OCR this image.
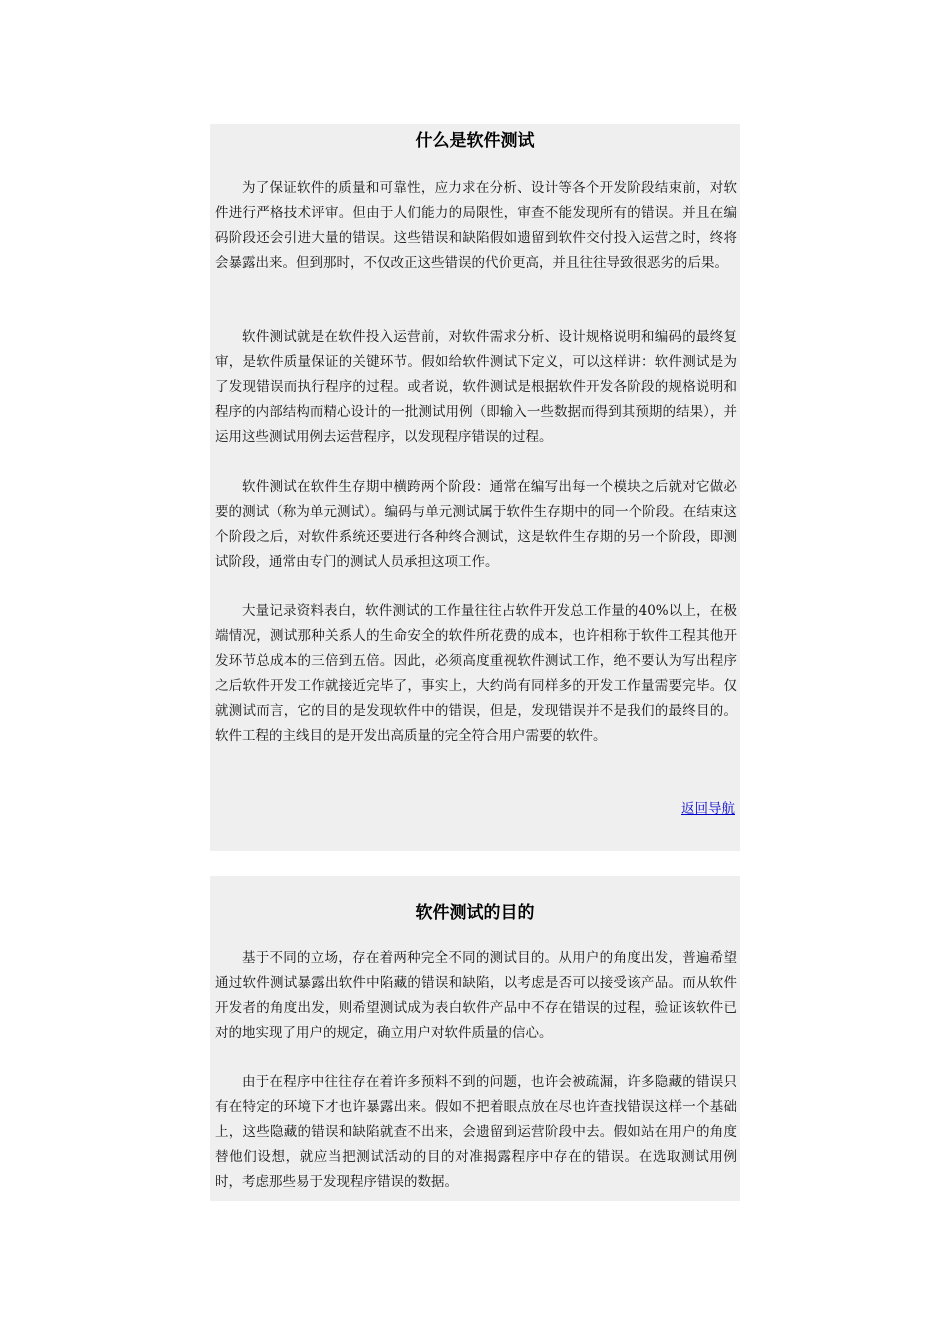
什么是软件测试

为了保证软件的质量和可靠性，应力求在分析、设计等各个开发阶段结束前，对软件进行严格技术评审。但由于人们能力的局限性，审查不能发现所有的错误。并且在编码阶段还会引进大量的错误。这些错误和缺陷假如遗留到软件交付投入运营之时，终将会暴露出来。但到那时，不仅改正这些错误的代价更高，并且往往导致很恶劣的后果。

软件测试就是在软件投入运营前，对软件需求分析、设计规格说明和编码的最终复审，是软件质量保证的关键环节。假如给软件测试下定义，可以这样讲：软件测试是为了发现错误而执行程序的过程。或者说，软件测试是根据软件开发各阶段的规格说明和程序的内部结构而精心设计的一批测试用例（即输入一些数据而得到其预期的结果），并运用这些测试用例去运营程序，以发现程序错误的过程。

软件测试在软件生存期中横跨两个阶段：通常在编写出每一个模块之后就对它做必要的测试（称为单元测试）。编码与单元测试属于软件生存期中的同一个阶段。在结束这个阶段之后，对软件系统还要进行各种终合测试，这是软件生存期的另一个阶段，即测试阶段，通常由专门的测试人员承担这项工作。

大量记录资料表白，软件测试的工作量往往占软件开发总工作量的40%以上，在极端情况，测试那种关系人的生命安全的软件所花费的成本，也许相称于软件工程其他开发环节总成本的三倍到五倍。因此，必须高度重视软件测试工作，绝不要认为写出程序之后软件开发工作就接近完毕了，事实上，大约尚有同样多的开发工作量需要完毕。仅就测试而言，它的目的是发现软件中的错误，但是，发现错误并不是我们的最终目的。软件工程的主线目的是开发出高质量的完全符合用户需要的软件。

返回导航
软件测试的目的

基于不同的立场，存在着两种完全不同的测试目的。从用户的角度出发，普遍希望通过软件测试暴露出软件中陷藏的错误和缺陷，以考虑是否可以接受该产品。而从软件开发者的角度出发，则希望测试成为表白软件产品中不存在错误的过程，验证该软件已对的地实现了用户的规定，确立用户对软件质量的信心。

由于在程序中往往存在着许多预料不到的问题，也许会被疏漏，许多隐藏的错误只有在特定的环境下才也许暴露出来。假如不把着眼点放在尽也许查找错误这样一个基础上，这些隐藏的错误和缺陷就查不出来，会遗留到运营阶段中去。假如站在用户的角度替他们设想，就应当把测试活动的目的对准揭露程序中存在的错误。在选取测试用例时，考虑那些易于发现程序错误的数据。
